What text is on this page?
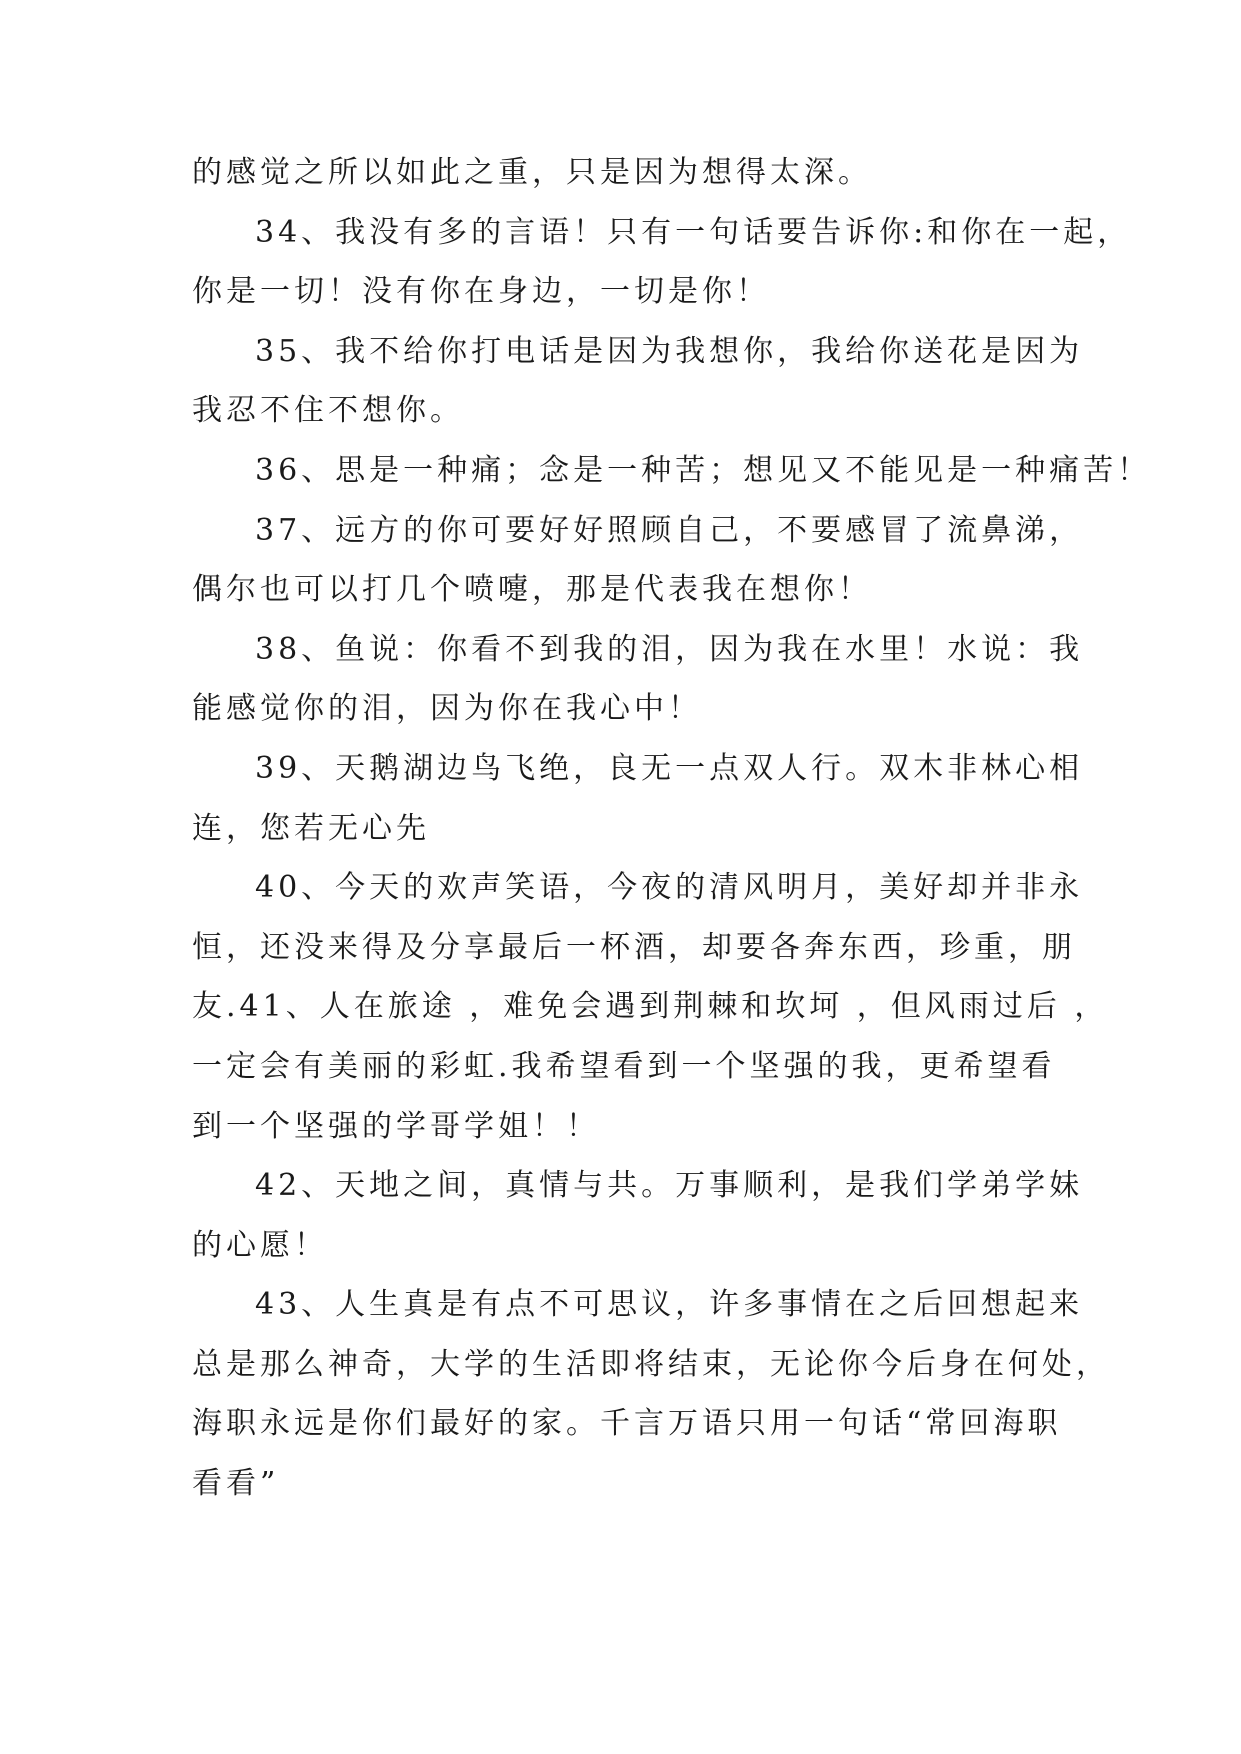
的感觉之所以如此之重，只是因为想得太深。
34、我没有多的言语！只有一句话要告诉你:和你在一起，
你是一切！没有你在身边，一切是你！
35、我不给你打电话是因为我想你，我给你送花是因为
我忍不住不想你。
36、思是一种痛；念是一种苦；想见又不能见是一种痛苦！
37、远方的你可要好好照顾自己，不要感冒了流鼻涕，
偶尔也可以打几个喷嚏，那是代表我在想你！
38、鱼说：你看不到我的泪，因为我在水里！水说：我
能感觉你的泪，因为你在我心中！
39、天鹅湖边鸟飞绝，良无一点双人行。双木非林心相
连，您若无心先
40、今天的欢声笑语，今夜的清风明月，美好却并非永
恒，还没来得及分享最后一杯酒，却要各奔东西，珍重，朋
友.41、人在旅途 ，难免会遇到荆棘和坎坷 ，但风雨过后 ，
一定会有美丽的彩虹.我希望看到一个坚强的我，更希望看
到一个坚强的学哥学姐！！
42、天地之间，真情与共。万事顺利，是我们学弟学妹
的心愿！
43、人生真是有点不可思议，许多事情在之后回想起来
总是那么神奇，大学的生活即将结束，无论你今后身在何处，
海职永远是你们最好的家。千言万语只用一句话“常回海职
看看”
